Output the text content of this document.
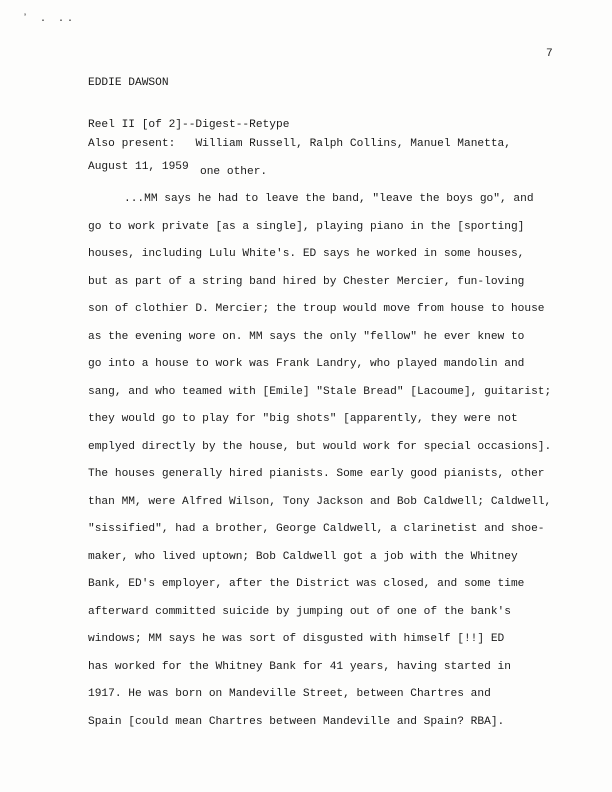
ʼ . ..

EDDIE DAWSON

Reel II [of 2]--Digest--Retype

August 11, 1959

7
Also present: William Russell, Ralph Collins, Manuel Manetta,
one other.
...MM says he had to leave the band, "leave the boys go", and
go to work private [as a single], playing piano in the [sporting]
houses, including Lulu White's. ED says he worked in some houses,
but as part of a string band hired by Chester Mercier, fun-loving
son of clothier D. Mercier; the troup would move from house to house
as the evening wore on. MM says the only "fellow" he ever knew to
go into a house to work was Frank Landry, who played mandolin and
sang, and who teamed with [Emile] "Stale Bread" [Lacoume], guitarist;
they would go to play for "big shots" [apparently, they were not
emplyed directly by the house, but would work for special occasions].
The houses generally hired pianists. Some early good pianists, other
than MM, were Alfred Wilson, Tony Jackson and Bob Caldwell; Caldwell,
"sissified", had a brother, George Caldwell, a clarinetist and shoe-
maker, who lived uptown; Bob Caldwell got a job with the Whitney
Bank, ED's employer, after the District was closed, and some time
afterward committed suicide by jumping out of one of the bank's
windows; MM says he was sort of disgusted with himself [!!] ED
has worked for the Whitney Bank for 41 years, having started in
1917. He was born on Mandeville Street, between Chartres and
Spain [could mean Chartres between Mandeville and Spain? RBA].
